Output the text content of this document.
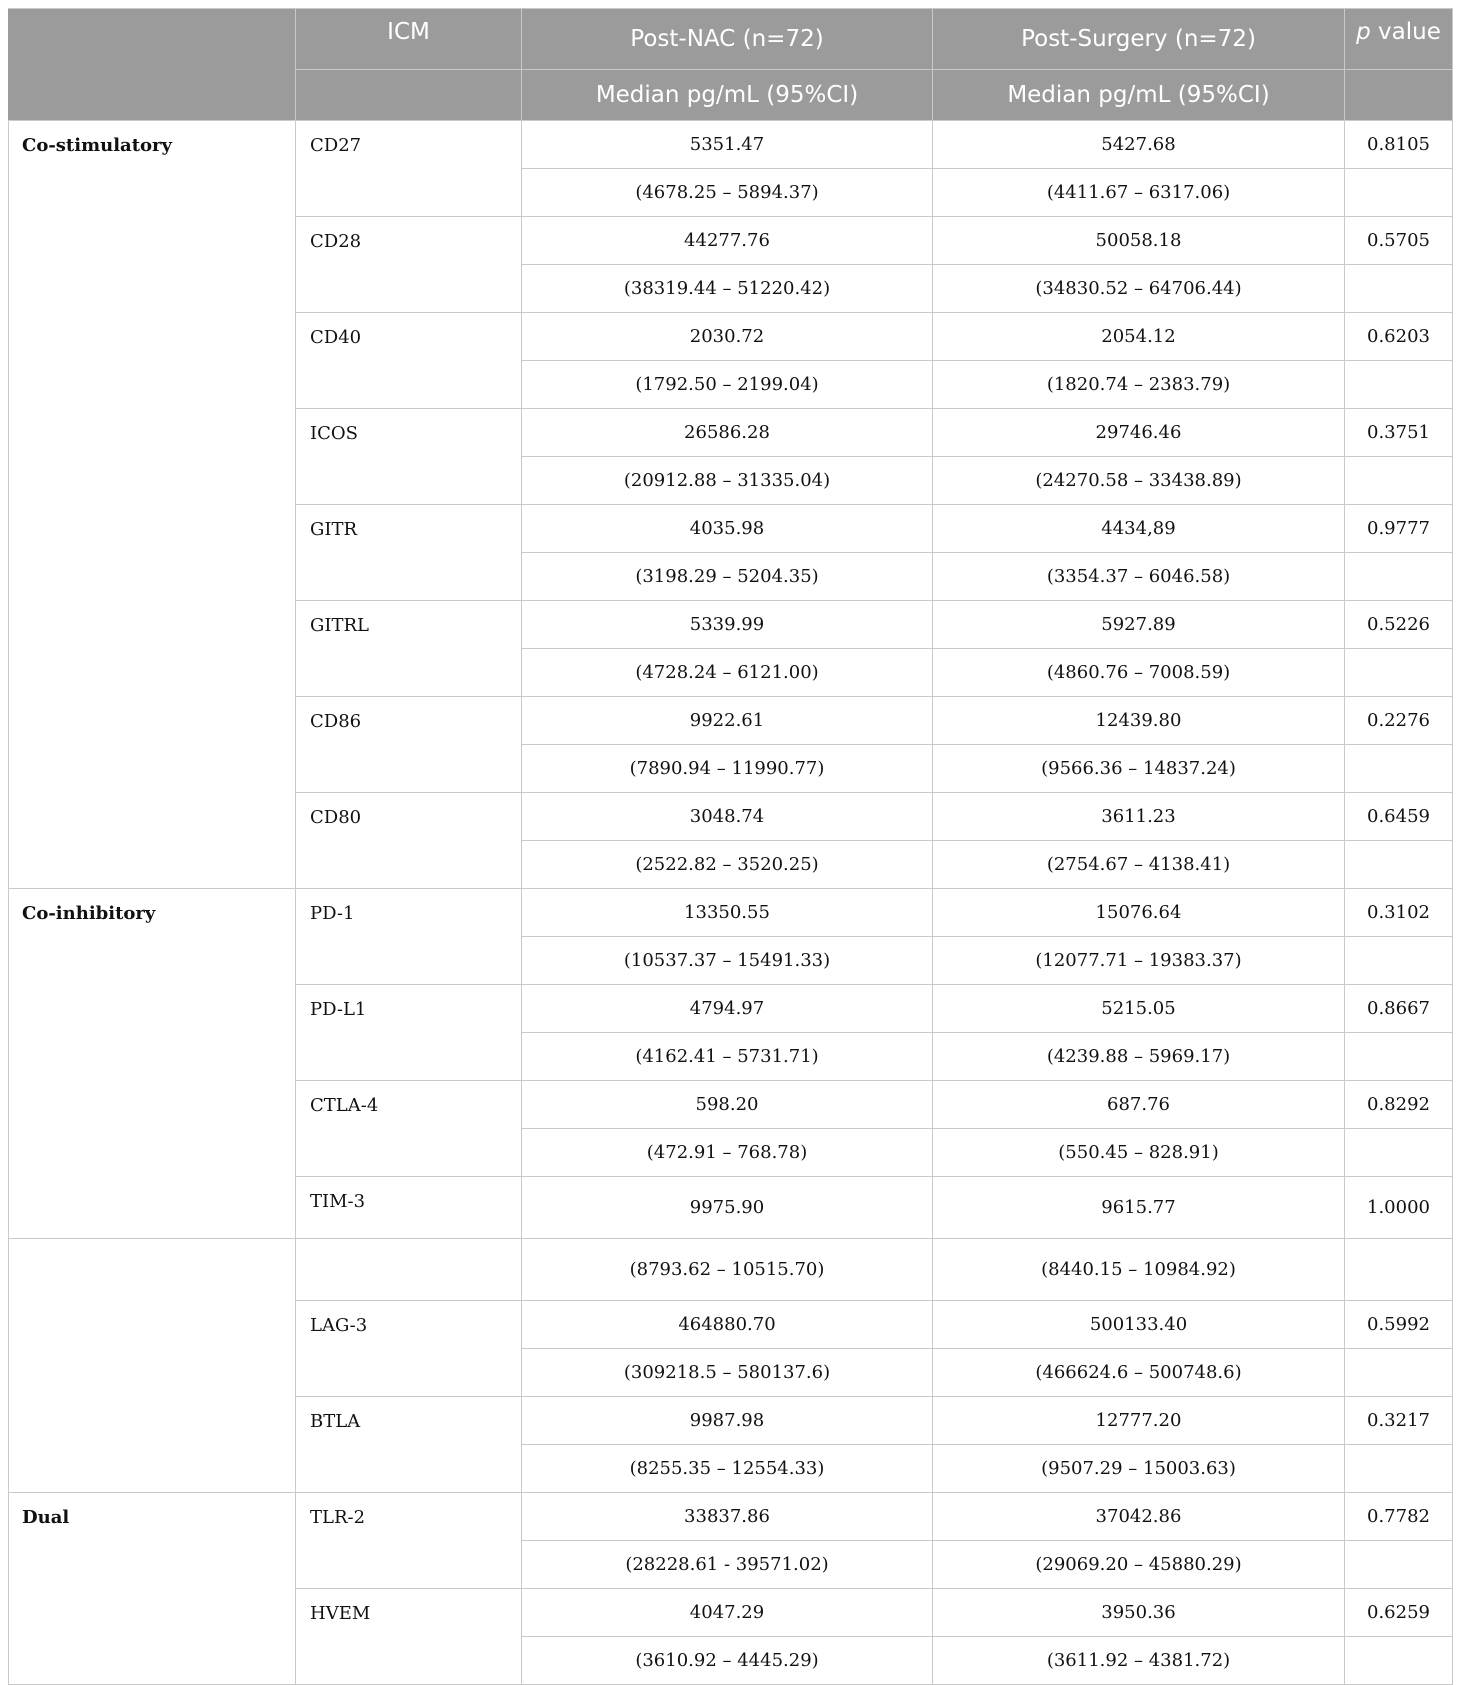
	ICM	Post-NAC (n=72)	Post-Surgery (n=72)	p value
		Median pg/mL (95%CI)	Median pg/mL (95%CI)	
Co-stimulatory	CD27	5351.47	5427.68	0.8105
		(4678.25 – 5894.37)	(4411.67 – 6317.06)	
	CD28	44277.76	50058.18	0.5705
		(38319.44 – 51220.42)	(34830.52 – 64706.44)	
	CD40	2030.72	2054.12	0.6203
		(1792.50 – 2199.04)	(1820.74 – 2383.79)	
	ICOS	26586.28	29746.46	0.3751
		(20912.88 – 31335.04)	(24270.58 – 33438.89)	
	GITR	4035.98	4434,89	0.9777
		(3198.29 – 5204.35)	(3354.37 – 6046.58)	
	GITRL	5339.99	5927.89	0.5226
		(4728.24 – 6121.00)	(4860.76 – 7008.59)	
	CD86	9922.61	12439.80	0.2276
		(7890.94 – 11990.77)	(9566.36 – 14837.24)	
	CD80	3048.74	3611.23	0.6459
		(2522.82 – 3520.25)	(2754.67 – 4138.41)	
Co-inhibitory	PD-1	13350.55	15076.64	0.3102
		(10537.37 – 15491.33)	(12077.71 – 19383.37)	
	PD-L1	4794.97	5215.05	0.8667
		(4162.41 – 5731.71)	(4239.88 – 5969.17)	
	CTLA-4	598.20	687.76	0.8292
		(472.91 – 768.78)	(550.45 – 828.91)	
	TIM-3	9975.90	9615.77	1.0000
		(8793.62 – 10515.70)	(8440.15 – 10984.92)	
	LAG-3	464880.70	500133.40	0.5992
		(309218.5 – 580137.6)	(466624.6 – 500748.6)	
	BTLA	9987.98	12777.20	0.3217
		(8255.35 – 12554.33)	(9507.29 – 15003.63)	
Dual	TLR-2	33837.86	37042.86	0.7782
		(28228.61 - 39571.02)	(29069.20 – 45880.29)	
	HVEM	4047.29	3950.36	0.6259
		(3610.92 – 4445.29)	(3611.92 – 4381.72)	
